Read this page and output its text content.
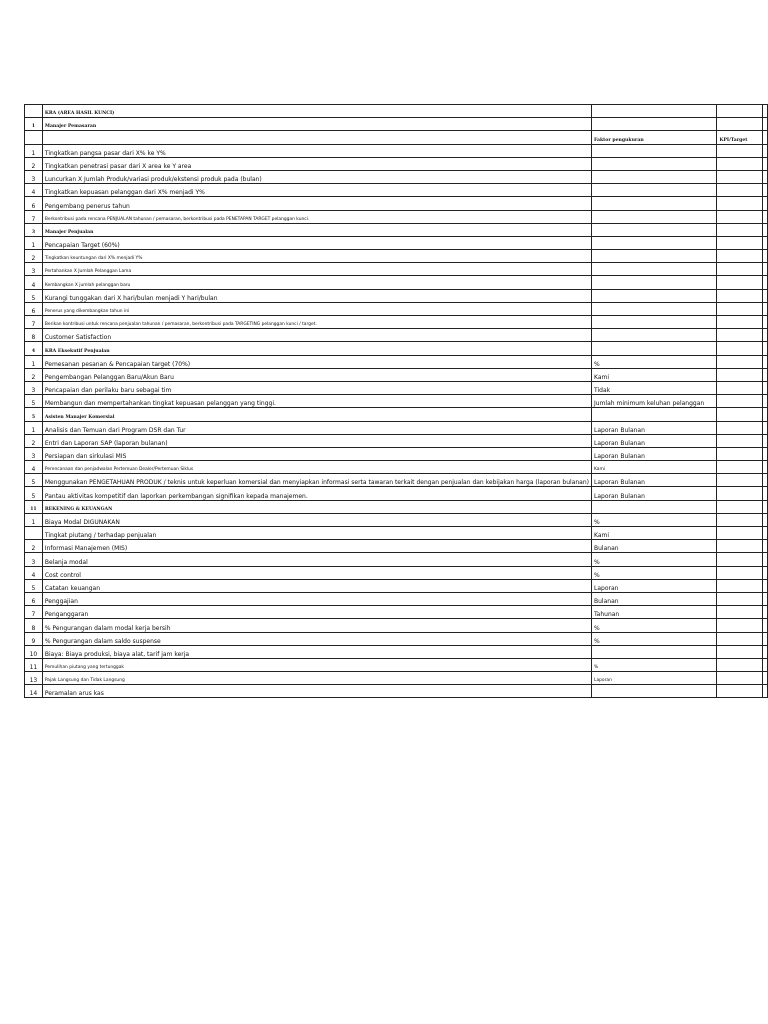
	KRA (AREA HASIL KUNCI)			
1	Manajer Pemasaran			
		Faktor pengukuran	KPI/Target	
1	Tingkatkan pangsa pasar dari X% ke Y%			
2	Tingkatkan penetrasi pasar dari X area ke Y area			
3	Luncurkan X Jumlah Produk/variasi produk/ekstensi produk pada (bulan)			
4	Tingkatkan kepuasan pelanggan dari X% menjadi Y%			
6	Pengembang penerus tahun			
7	Berkontribusi pada rencana PENJUALAN tahunan / pemasaran, berkontribusi pada PENETAPAN TARGET pelanggan kunci.			
3	Manajer Penjualan			
1	Pencapaian Target (60%)			
2	Tingkatkan keuntungan dari X% menjadi Y%			
3	Pertahankan X Jumlah Pelanggan Lama			
4	Kembangkan X jumlah pelanggan baru			
5	Kurangi tunggakan dari X hari/bulan menjadi Y hari/bulan			
6	Penerus yang dikembangkan tahun ini			
7	Berikan kontribusi untuk rencana penjualan tahunan / pemasaran, berkontribusi pada TARGETING pelanggan kunci / target.			
8	Customer Satisfaction			
4	KRA Eksekutif Penjualan			
1	Pemesanan pesanan & Pencapaian target (70%)	%		
2	Pengembangan Pelanggan Baru/Akun Baru	Kami		
3	Pencapaian dan perilaku baru sebagai tim	Tidak		
5	Membangun dan mempertahankan tingkat kepuasan pelanggan yang tinggi.	Jumlah minimum keluhan pelanggan		
5	Asisten Manajer Komersial			
1	Analisis dan Temuan dari Program DSR dan Tur	Laporan Bulanan		
2	Entri dan Laporan SAP (laporan bulanan)	Laporan Bulanan		
3	Persiapan dan sirkulasi MIS	Laporan Bulanan		
4	Perencanaan dan penjadwalan Pertemuan Dealer/Pertemuan Siklus	Kami		
5	Menggunakan PENGETAHUAN PRODUK / teknis untuk keperluan komersial dan menyiapkan informasi serta tawaran terkait dengan penjualan dan kebijakan harga (laporan bulanan)	Laporan Bulanan		
5	Pantau aktivitas kompetitif dan laporkan perkembangan signifikan kepada manajemen.	Laporan Bulanan		
11	REKENING & KEUANGAN			
1	Biaya Modal DIGUNAKAN	%		
	Tingkat piutang / terhadap penjualan	Kami		
2	Informasi Manajemen (MIS)	Bulanan		
3	Belanja modal	%		
4	Cost control	%		
5	Catatan keuangan	Laporan		
6	Penggajian	Bulanan		
7	Penganggaran	Tahunan		
8	% Pengurangan dalam modal kerja bersih	%		
9	% Pengurangan dalam saldo suspense	%		
10	Biaya: Biaya produksi, biaya alat, tarif jam kerja			
11	Pemulihan piutang yang tertunggak	%		
13	Pajak Langsung dan Tidak Langsung	Laporan		
14	Peramalan arus kas			
